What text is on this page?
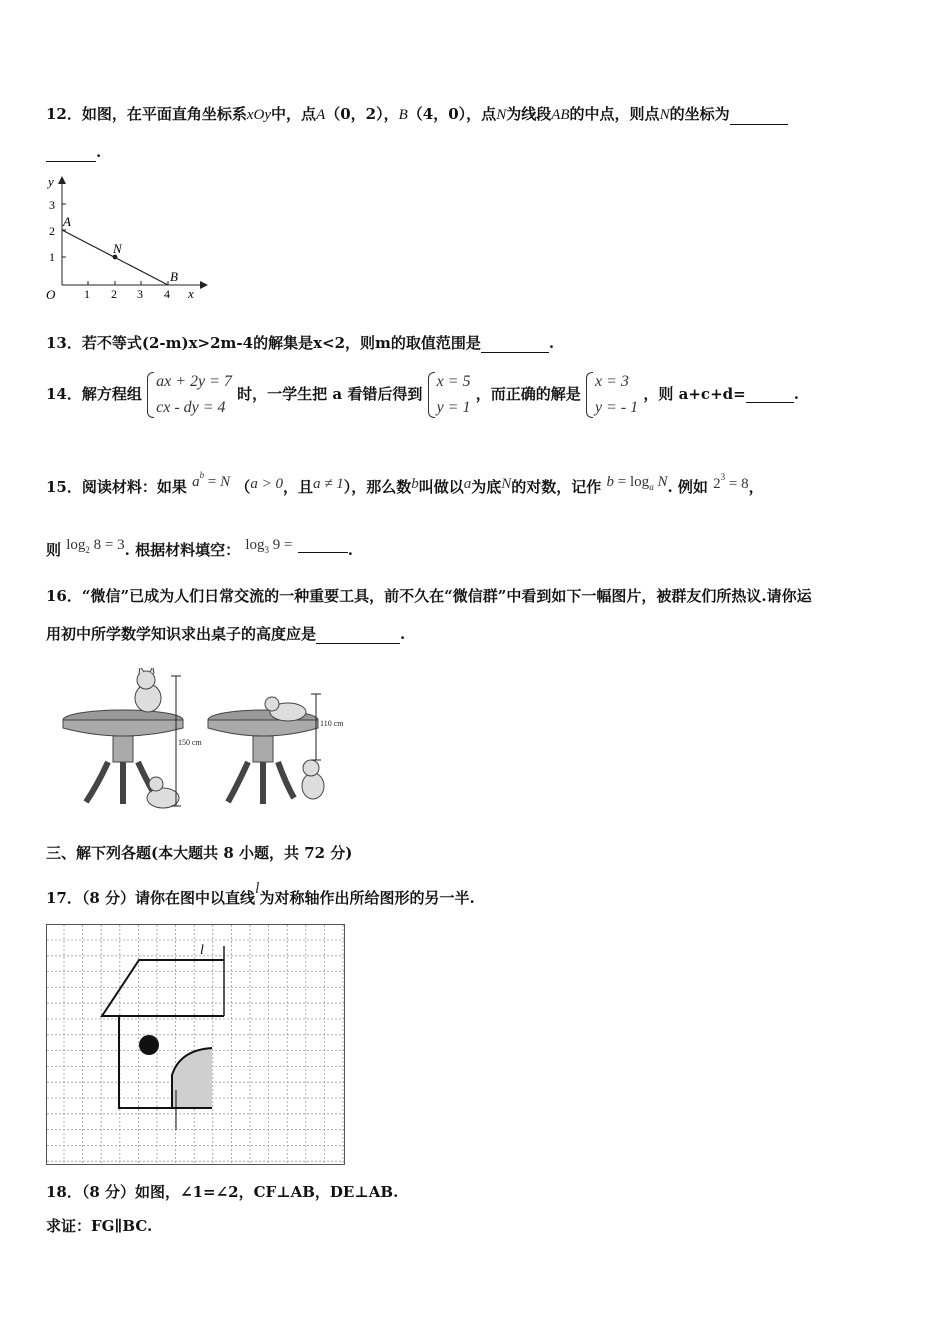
12．如图，在平面直角坐标系xOy中，点A（0，2），B（4，0），点N为线段AB的中点，则点N的坐标为
.
y
x
O
A
N
B
3
2
1
1 2 3 4
13．若不等式(2-m)x>2m-4的解集是x<2，则m的取值范围是	.
14．解方程组
ax + 2y = 7
cx - dy = 4
时，一学生把 a 看错后得到
x = 5
y = 1
，而正确的解是
x = 3
y = - 1
，则 a+c+d=	.
15．阅读材料：如果 $a^b = N$ （a > 0，且a ≠ 1），那么数b叫做以a为底N的对数，记作 $b = \log_a N$. 例如 $2^3 = 8$，
则 $\log_2 8 = 3$. 根据材料填空： $\log_3 9$ =	.
16．“微信”已成为人们日常交流的一种重要工具，前不久在“微信群”中看到如下一幅图片，被群友们所热议.请你运
用初中所学数学知识求出桌子的高度应是	.
150 cm
110 cm
三、解下列各题(本大题共 8 小题，共 72 分)
17．（8 分）请你在图中以直线l为对称轴作出所给图形的另一半.
l
18．（8 分）如图，∠1=∠2，CF⊥AB，DE⊥AB.
求证：FG∥BC.
